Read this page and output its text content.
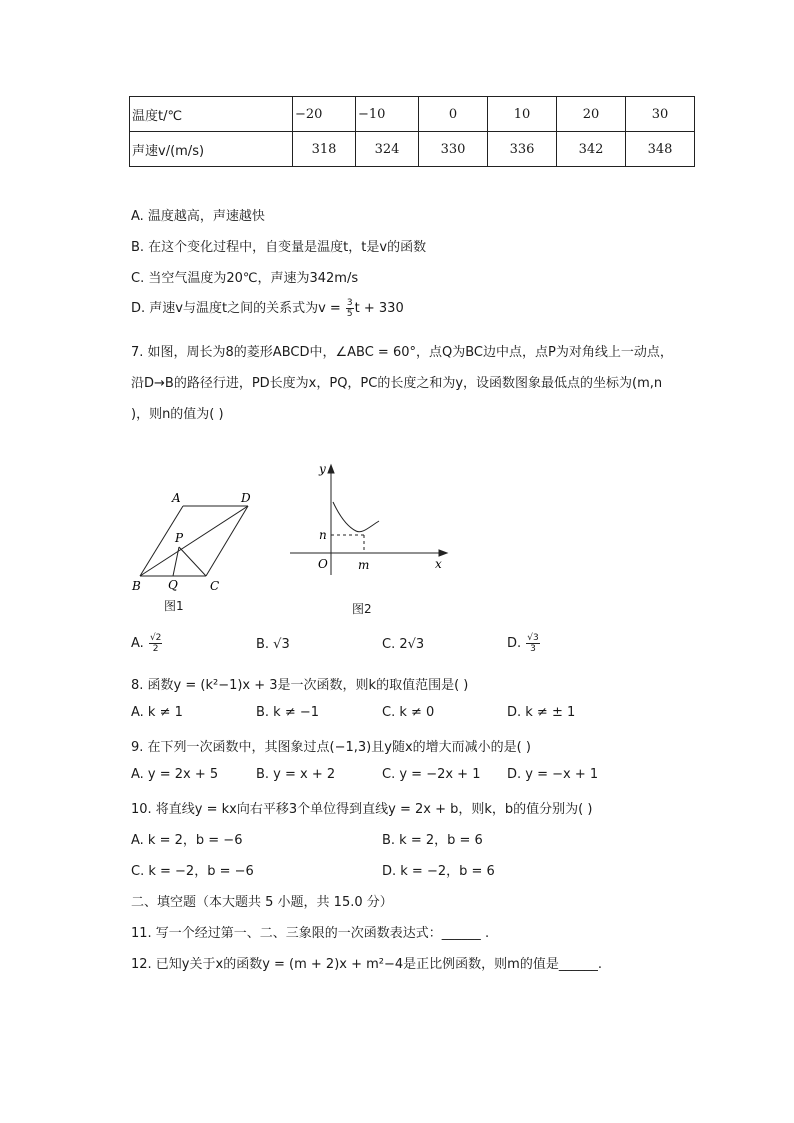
温度t/℃	−20	−10	0	10	20	30
声速v/(m/s)	318	324	330	336	342	348
A. 温度越高，声速越快
B. 在这个变化过程中，自变量是温度t，t是v的函数
C. 当空气温度为20℃，声速为342m/s
D. 声速v与温度t之间的关系式为$v = \frac{3}{5}$ t + 330
7. 如图，周长为8的菱形ABCD中，∠ABC = 60°，点Q为BC边中点，点P为对角线上一动点，
沿D→B的路径行进，PD长度为x，PQ，PC的长度之和为y，设函数图象最低点的坐标为(m,n
)，则n的值为( )
A	D
P
B Q	C
图1
y
n
O	m	x
图2
A. $\frac{√2}{2}$	B. √3	C. 2√3	D. $\frac{√3}{3}$
8. 函数y = (k²−1)x + 3是一次函数，则k的取值范围是( )
A. k ≠ 1	B. k ≠ −1	C. k ≠ 0	D. k ≠ ± 1
9. 在下列一次函数中，其图象过点(−1,3)且y随x的增大而减小的是( )
A. y = 2x + 5	B. y = x + 2	C. y = −2x + 1 D. y = −x + 1
10. 将直线y = kx向右平移3个单位得到直线y = 2x + b，则k，b的值分别为( )
A. k = 2，b = −6	B. k = 2，b = 6
C. k = −2，b = −6	D. k = −2，b = 6
二、填空题（本大题共 5 小题，共 15.0 分）
11. 写一个经过第一、二、三象限的一次函数表达式：______ .
12. 已知y关于x的函数y = (m + 2)x + m²−4是正比例函数，则m的值是______.
